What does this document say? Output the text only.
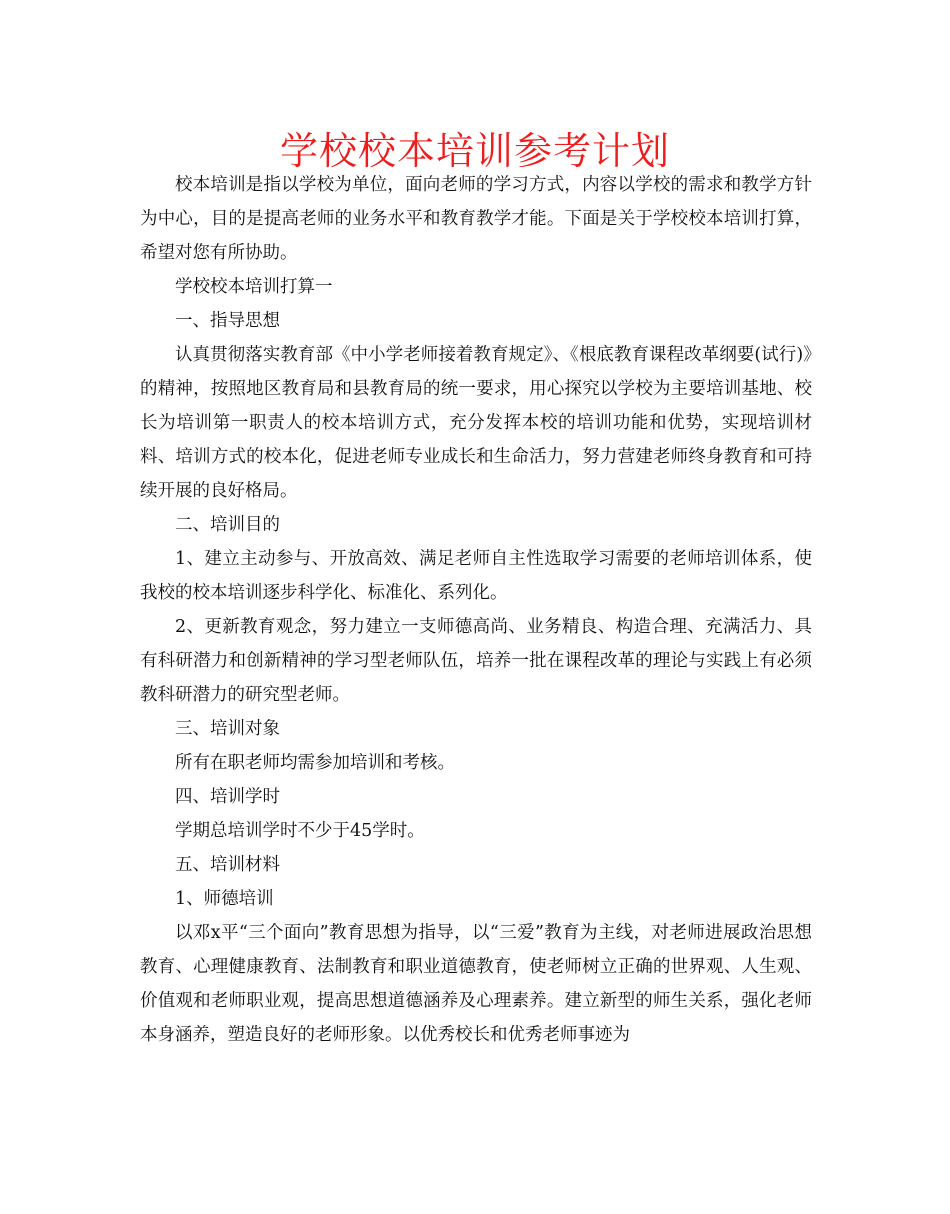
学校校本培训参考计划

校本培训是指以学校为单位，面向老师的学习方式，内容以学校的需求和教学方针为中心，目的是提高老师的业务水平和教育教学才能。下面是关于学校校本培训打算，希望对您有所协助。

学校校本培训打算一

一、指导思想

认真贯彻落实教育部《中小学老师接着教育规定》、《根底教育课程改革纲要(试行)》的精神，按照地区教育局和县教育局的统一要求，用心探究以学校为主要培训基地、校长为培训第一职责人的校本培训方式，充分发挥本校的培训功能和优势，实现培训材料、培训方式的校本化，促进老师专业成长和生命活力，努力营建老师终身教育和可持续开展的良好格局。

二、培训目的

1、建立主动参与、开放高效、满足老师自主性选取学习需要的老师培训体系，使我校的校本培训逐步科学化、标准化、系列化。

2、更新教育观念，努力建立一支师德高尚、业务精良、构造合理、充满活力、具有科研潜力和创新精神的学习型老师队伍，培养一批在课程改革的理论与实践上有必须教科研潜力的研究型老师。

三、培训对象

所有在职老师均需参加培训和考核。

四、培训学时

学期总培训学时不少于45学时。

五、培训材料

1、师德培训

以邓x平“三个面向”教育思想为指导，以“三爱”教育为主线，对老师进展政治思想教育、心理健康教育、法制教育和职业道德教育，使老师树立正确的世界观、人生观、价值观和老师职业观，提高思想道德涵养及心理素养。建立新型的师生关系，强化老师本身涵养，塑造良好的老师形象。以优秀校长和优秀老师事迹为
